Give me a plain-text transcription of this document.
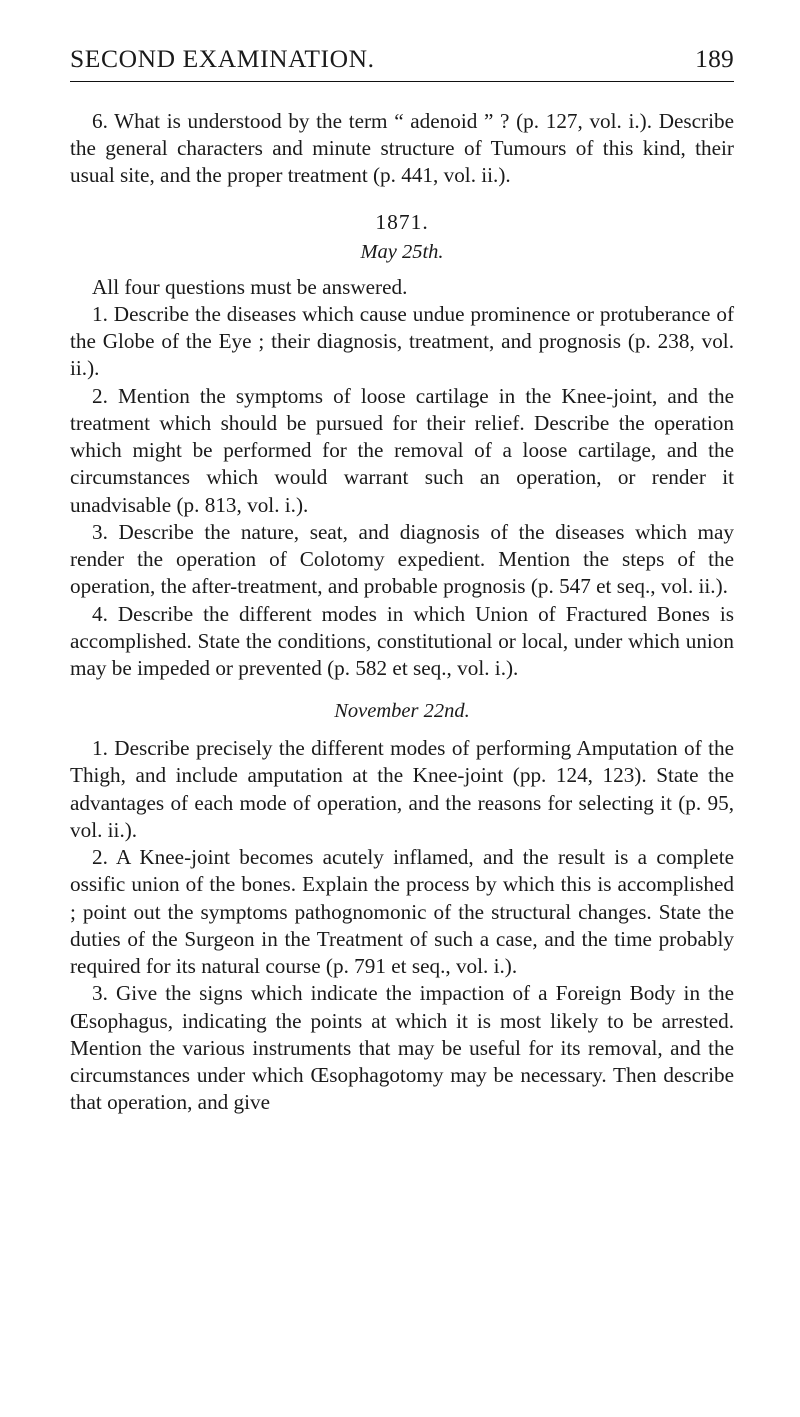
SECOND EXAMINATION.	189

6. What is understood by the term “ adenoid ” ? (p. 127, vol. i.). Describe the general characters and minute structure of Tumours of this kind, their usual site, and the proper treatment (p. 441, vol. ii.).

1871.
May 25th.

All four questions must be answered.

1. Describe the diseases which cause undue prominence or protuberance of the Globe of the Eye ; their diagnosis, treatment, and prognosis (p. 238, vol. ii.).

2. Mention the symptoms of loose cartilage in the Knee-joint, and the treatment which should be pursued for their relief. Describe the operation which might be performed for the removal of a loose cartilage, and the circumstances which would warrant such an operation, or render it unadvisable (p. 813, vol. i.).

3. Describe the nature, seat, and diagnosis of the diseases which may render the operation of Colotomy expedient. Mention the steps of the operation, the after-treatment, and probable prognosis (p. 547 et seq., vol. ii.).

4. Describe the different modes in which Union of Fractured Bones is accomplished. State the conditions, constitutional or local, under which union may be impeded or prevented (p. 582 et seq., vol. i.).

November 22nd.

1. Describe precisely the different modes of performing Amputation of the Thigh, and include amputation at the Knee-joint (pp. 124, 123). State the advantages of each mode of operation, and the reasons for selecting it (p. 95, vol. ii.).

2. A Knee-joint becomes acutely inflamed, and the result is a complete ossific union of the bones. Explain the process by which this is accomplished ; point out the symptoms pathognomonic of the structural changes. State the duties of the Surgeon in the Treatment of such a case, and the time probably required for its natural course (p. 791 et seq., vol. i.).

3. Give the signs which indicate the impaction of a Foreign Body in the Œsophagus, indicating the points at which it is most likely to be arrested. Mention the various instruments that may be useful for its removal, and the circumstances under which Œsophagotomy may be necessary. Then describe that operation, and give
